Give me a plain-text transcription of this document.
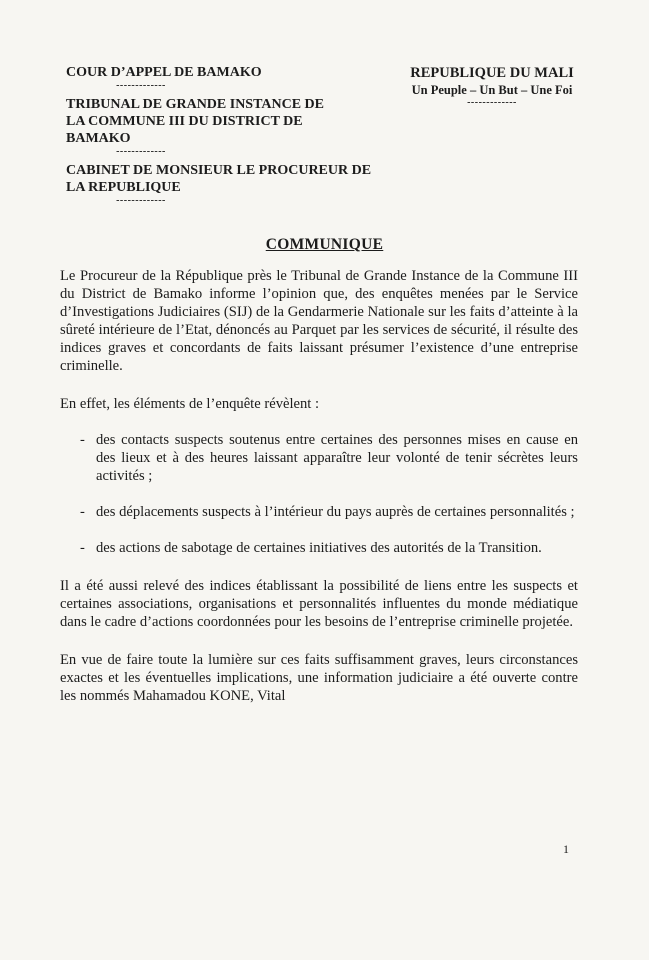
COUR D’APPEL DE BAMAKO
-------------
TRIBUNAL DE GRANDE INSTANCE DE LA COMMUNE III DU DISTRICT DE BAMAKO
-------------
CABINET DE MONSIEUR LE PROCUREUR DE LA REPUBLIQUE
-------------
REPUBLIQUE DU MALI
Un Peuple – Un But – Une Foi
-------------
COMMUNIQUE

Le Procureur de la République près le Tribunal de Grande Instance de la Commune III du District de Bamako informe l’opinion que, des enquêtes menées par le Service d’Investigations Judiciaires (SIJ) de la Gendarmerie Nationale sur les faits d’atteinte à la sûreté intérieure de l’Etat, dénoncés au Parquet par les services de sécurité, il résulte des indices graves et concordants de faits laissant présumer l’existence d’une entreprise criminelle.

En effet, les éléments de l’enquête révèlent :

- des contacts suspects soutenus entre certaines des personnes mises en cause en des lieux et à des heures laissant apparaître leur volonté de tenir sécrètes leurs activités ;
- des déplacements suspects à l’intérieur du pays auprès de certaines personnalités ;
- des actions de sabotage de certaines initiatives des autorités de la Transition.

Il a été aussi relevé des indices établissant la possibilité de liens entre les suspects et certaines associations, organisations et personnalités influentes du monde médiatique dans le cadre d’actions coordonnées pour les besoins de l’entreprise criminelle projetée.

En vue de faire toute la lumière sur ces faits suffisamment graves, leurs circonstances exactes et les éventuelles implications, une information judiciaire a été ouverte contre les nommés Mahamadou KONE, Vital

1
